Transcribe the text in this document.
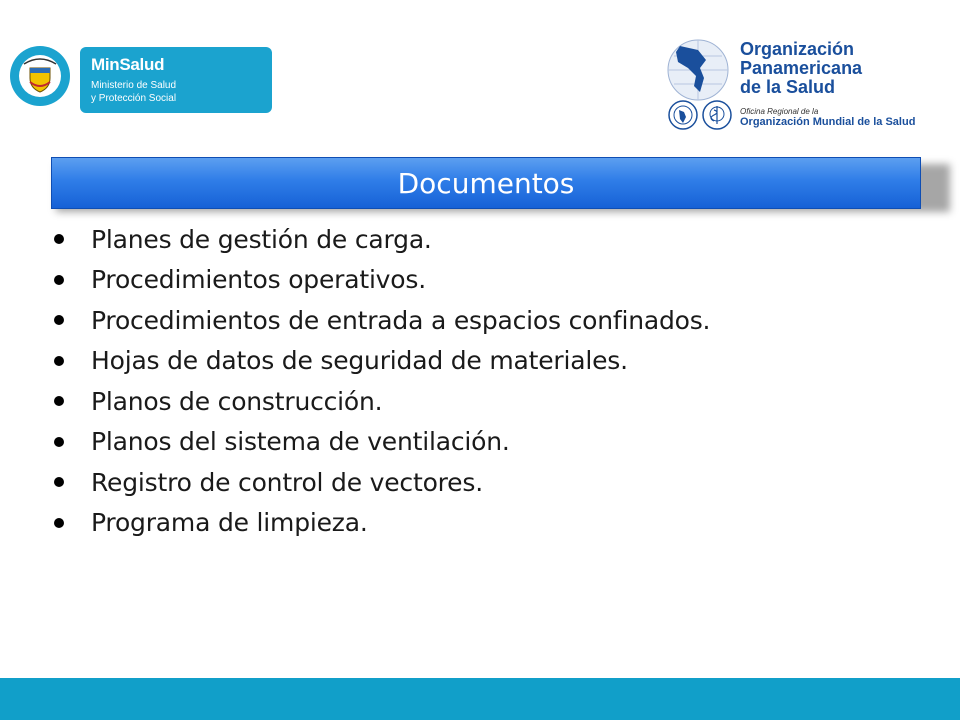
MinSalud
Ministerio de Salud
y Protección Social
Organización
Panamericana
de la Salud
Oficina Regional de la
Organización Mundial de la Salud
Documentos
Planes de gestión de carga.
Procedimientos operativos.
Procedimientos de entrada a espacios confinados.
Hojas de datos de seguridad de materiales.
Planos de construcción.
Planos del sistema de ventilación.
Registro de control de vectores.
Programa de limpieza.
